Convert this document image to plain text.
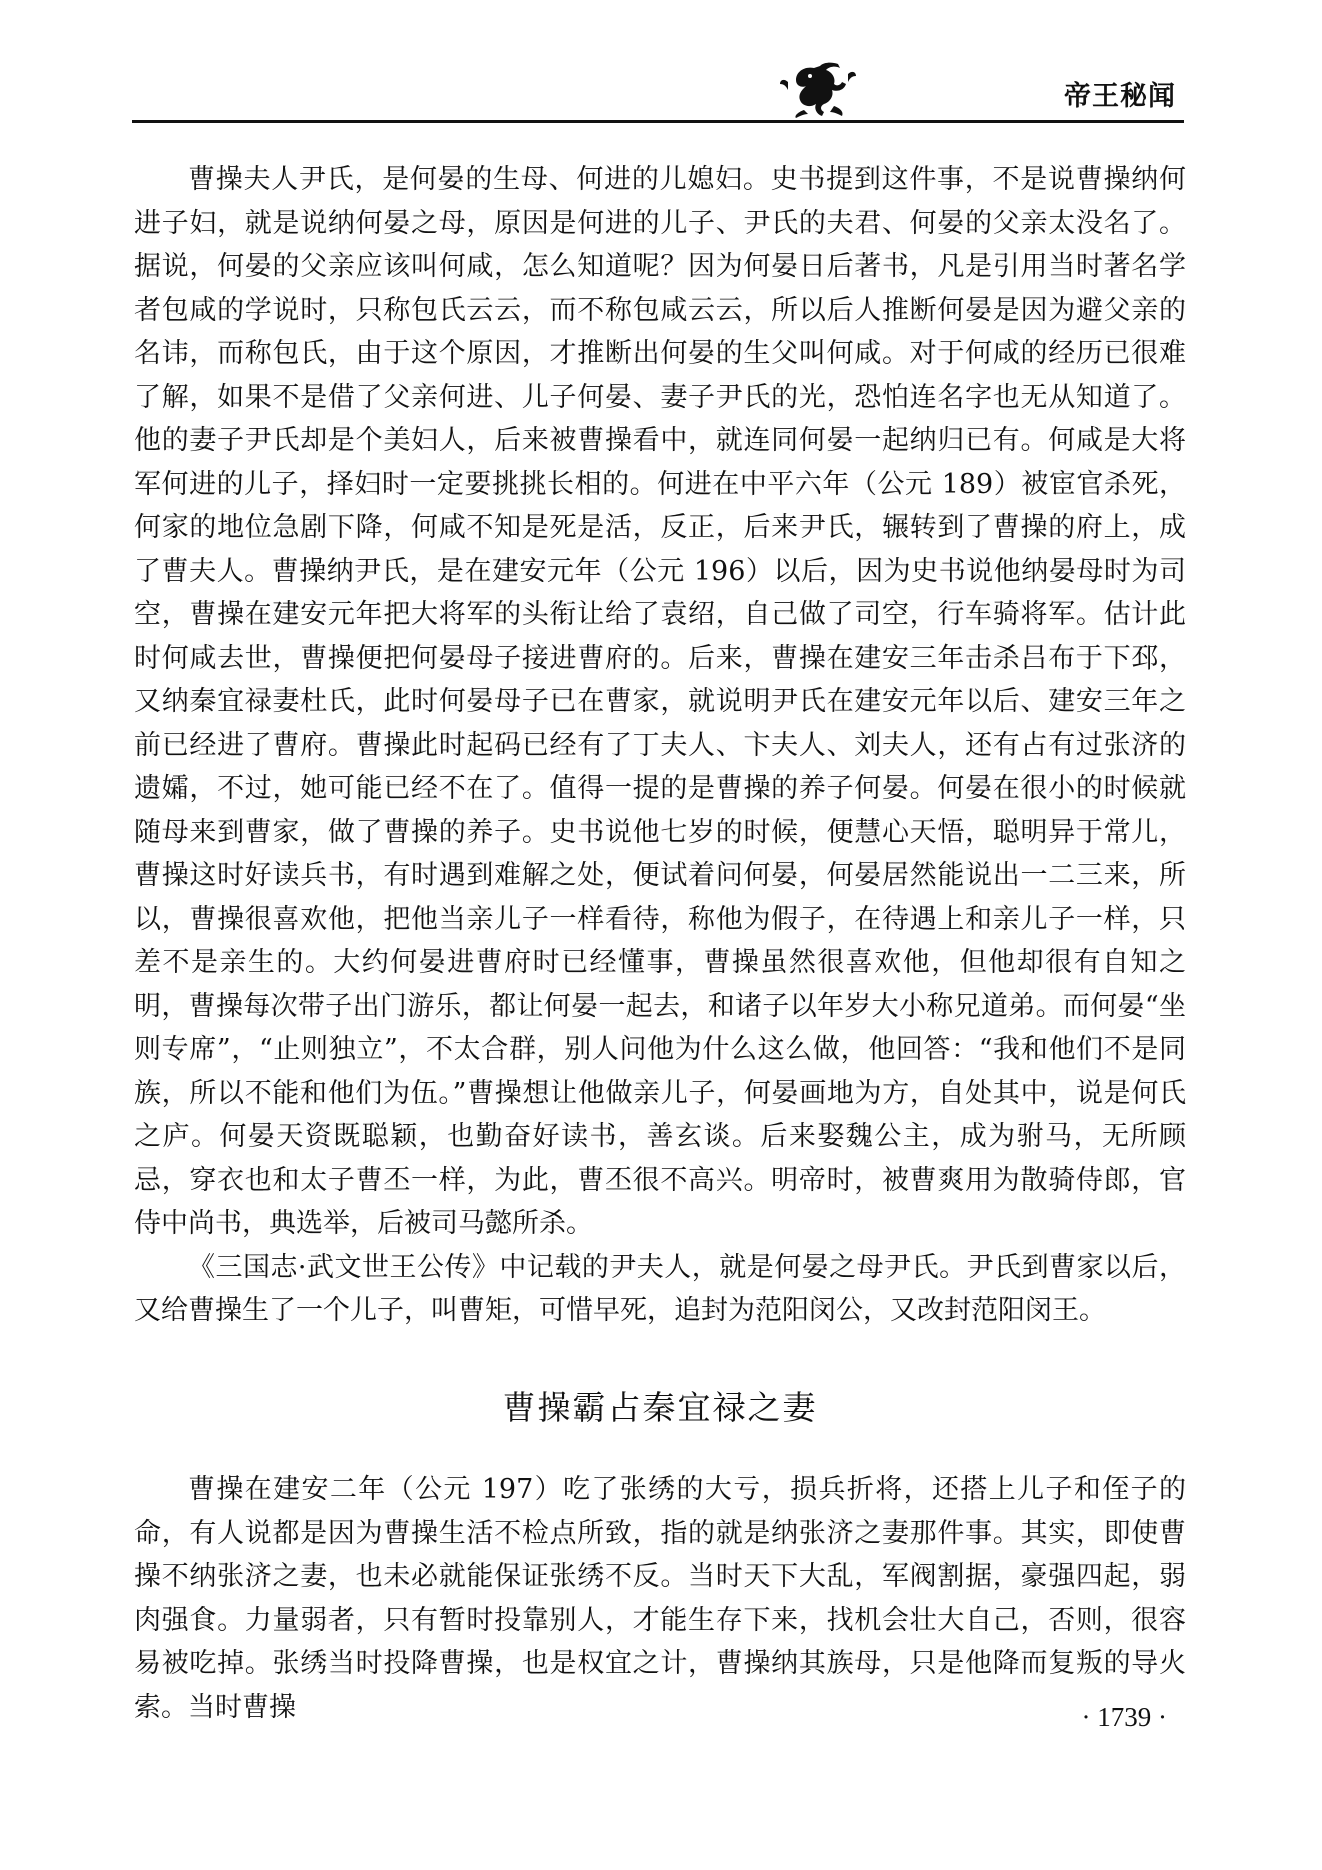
帝王秘闻

曹操夫人尹氏，是何晏的生母、何进的儿媳妇。史书提到这件事，不是说曹操纳何进子妇，就是说纳何晏之母，原因是何进的儿子、尹氏的夫君、何晏的父亲太没名了。据说，何晏的父亲应该叫何咸，怎么知道呢？因为何晏日后著书，凡是引用当时著名学者包咸的学说时，只称包氏云云，而不称包咸云云，所以后人推断何晏是因为避父亲的名讳，而称包氏，由于这个原因，才推断出何晏的生父叫何咸。对于何咸的经历已很难了解，如果不是借了父亲何进、儿子何晏、妻子尹氏的光，恐怕连名字也无从知道了。他的妻子尹氏却是个美妇人，后来被曹操看中，就连同何晏一起纳归已有。何咸是大将军何进的儿子，择妇时一定要挑挑长相的。何进在中平六年（公元 189）被宦官杀死，何家的地位急剧下降，何咸不知是死是活，反正，后来尹氏，辗转到了曹操的府上，成了曹夫人。曹操纳尹氏，是在建安元年（公元 196）以后，因为史书说他纳晏母时为司空，曹操在建安元年把大将军的头衔让给了袁绍，自己做了司空，行车骑将军。估计此时何咸去世，曹操便把何晏母子接进曹府的。后来，曹操在建安三年击杀吕布于下邳，又纳秦宜禄妻杜氏，此时何晏母子已在曹家，就说明尹氏在建安元年以后、建安三年之前已经进了曹府。曹操此时起码已经有了丁夫人、卞夫人、刘夫人，还有占有过张济的遗孀，不过，她可能已经不在了。值得一提的是曹操的养子何晏。何晏在很小的时候就随母来到曹家，做了曹操的养子。史书说他七岁的时候，便慧心天悟，聪明异于常儿，曹操这时好读兵书，有时遇到难解之处，便试着问何晏，何晏居然能说出一二三来，所以，曹操很喜欢他，把他当亲儿子一样看待，称他为假子，在待遇上和亲儿子一样，只差不是亲生的。大约何晏进曹府时已经懂事，曹操虽然很喜欢他，但他却很有自知之明，曹操每次带子出门游乐，都让何晏一起去，和诸子以年岁大小称兄道弟。而何晏“坐则专席”，“止则独立”，不太合群，别人问他为什么这么做，他回答：“我和他们不是同族，所以不能和他们为伍。”曹操想让他做亲儿子，何晏画地为方，自处其中，说是何氏之庐。何晏天资既聪颖，也勤奋好读书，善玄谈。后来娶魏公主，成为驸马，无所顾忌，穿衣也和太子曹丕一样，为此，曹丕很不高兴。明帝时，被曹爽用为散骑侍郎，官侍中尚书，典选举，后被司马懿所杀。

《三国志·武文世王公传》中记载的尹夫人，就是何晏之母尹氏。尹氏到曹家以后，又给曹操生了一个儿子，叫曹矩，可惜早死，追封为范阳闵公，又改封范阳闵王。

曹操霸占秦宜禄之妻

曹操在建安二年（公元 197）吃了张绣的大亏，损兵折将，还搭上儿子和侄子的命，有人说都是因为曹操生活不检点所致，指的就是纳张济之妻那件事。其实，即使曹操不纳张济之妻，也未必就能保证张绣不反。当时天下大乱，军阀割据，豪强四起，弱肉强食。力量弱者，只有暂时投靠别人，才能生存下来，找机会壮大自己，否则，很容易被吃掉。张绣当时投降曹操，也是权宜之计，曹操纳其族母，只是他降而复叛的导火索。当时曹操	· 1739 ·
